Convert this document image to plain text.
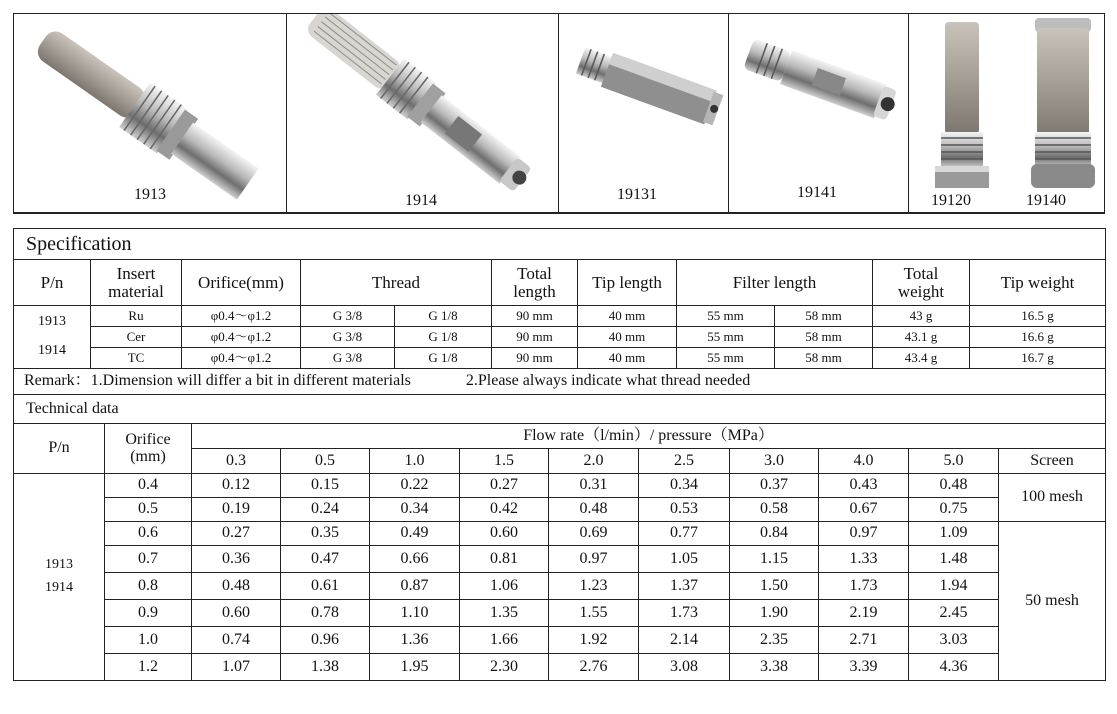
1913	1914	19131	19141	19120	19140
Specification										
P/n	Insert material	Orifice(mm)	Thread		Total length	Tip length	Filter length		Total weight	Tip weight

1913
1914	Ru	φ0.4～φ1.2	G 3/8	G 1/8	90 mm	40 mm	55 mm	58 mm	43 g	16.5 g
	Cer	φ0.4～φ1.2	G 3/8	G 1/8	90 mm	40 mm	55 mm	58 mm	43.1 g	16.6 g
	TC	φ0.4～φ1.2	G 3/8	G 1/8	90 mm	40 mm	55 mm	58 mm	43.4 g	16.7 g
Remark：1.Dimension will differ a bit in different materials 2.Please always indicate what thread needed										
Technical data											
P/n	Orifice (mm)	Flow rate（l/min）/ pressure（MPa）									
		0.3	0.5	1.0	1.5	2.0	2.5	3.0	4.0	5.0	Screen

1913
1914	0.4	0.12	0.15	0.22	0.27	0.31	0.34	0.37	0.43	0.48	100 mesh
	0.5	0.19	0.24	0.34	0.42	0.48	0.53	0.58	0.67	0.75	
	0.6	0.27	0.35	0.49	0.60	0.69	0.77	0.84	0.97	1.09	50 mesh
	0.7	0.36	0.47	0.66	0.81	0.97	1.05	1.15	1.33	1.48	
	0.8	0.48	0.61	0.87	1.06	1.23	1.37	1.50	1.73	1.94	
	0.9	0.60	0.78	1.10	1.35	1.55	1.73	1.90	2.19	2.45	
	1.0	0.74	0.96	1.36	1.66	1.92	2.14	2.35	2.71	3.03	
	1.2	1.07	1.38	1.95	2.30	2.76	3.08	3.38	3.39	4.36	
